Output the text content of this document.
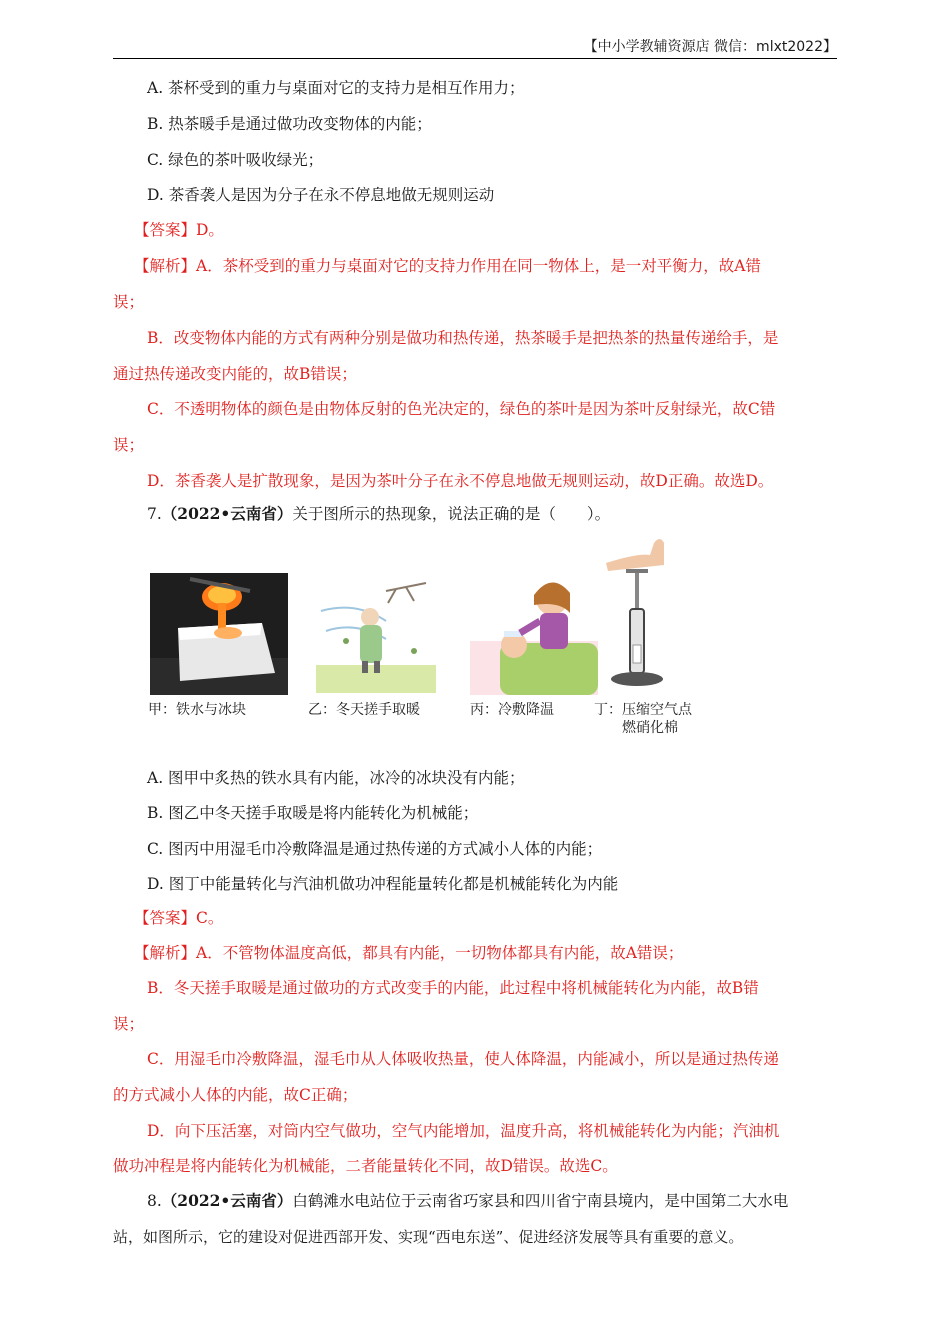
【中小学教辅资源店 微信：mlxt2022】
A. 茶杯受到的重力与桌面对它的支持力是相互作用力；
B. 热茶暖手是通过做功改变物体的内能；
C. 绿色的茶叶吸收绿光；
D. 茶香袭人是因为分子在永不停息地做无规则运动
【答案】D。
【解析】A．茶杯受到的重力与桌面对它的支持力作用在同一物体上，是一对平衡力，故A错
误；
B．改变物体内能的方式有两种分别是做功和热传递，热茶暖手是把热茶的热量传递给手，是
通过热传递改变内能的，故B错误；
C．不透明物体的颜色是由物体反射的色光决定的，绿色的茶叶是因为茶叶反射绿光，故C错
误；
D．茶香袭人是扩散现象，是因为茶叶分子在永不停息地做无规则运动，故D正确。故选D。
7.（2022•云南省）关于图所示的热现象，说法正确的是（　　）。
甲：铁水与冰块	乙：冬天搓手取暖	丙：冷敷降温	丁：压缩空气点
燃硝化棉
A. 图甲中炙热的铁水具有内能，冰冷的冰块没有内能；
B. 图乙中冬天搓手取暖是将内能转化为机械能；
C. 图丙中用湿毛巾冷敷降温是通过热传递的方式减小人体的内能；
D. 图丁中能量转化与汽油机做功冲程能量转化都是机械能转化为内能
【答案】C。
【解析】A．不管物体温度高低，都具有内能，一切物体都具有内能，故A错误；
B．冬天搓手取暖是通过做功的方式改变手的内能，此过程中将机械能转化为内能，故B错
误；
C．用湿毛巾冷敷降温，湿毛巾从人体吸收热量，使人体降温，内能减小，所以是通过热传递
的方式减小人体的内能，故C正确；
D．向下压活塞，对筒内空气做功，空气内能增加，温度升高，将机械能转化为内能；汽油机
做功冲程是将内能转化为机械能，二者能量转化不同，故D错误。故选C。
8.（2022•云南省）白鹤滩水电站位于云南省巧家县和四川省宁南县境内，是中国第二大水电
站，如图所示，它的建设对促进西部开发、实现“西电东送”、促进经济发展等具有重要的意义。
